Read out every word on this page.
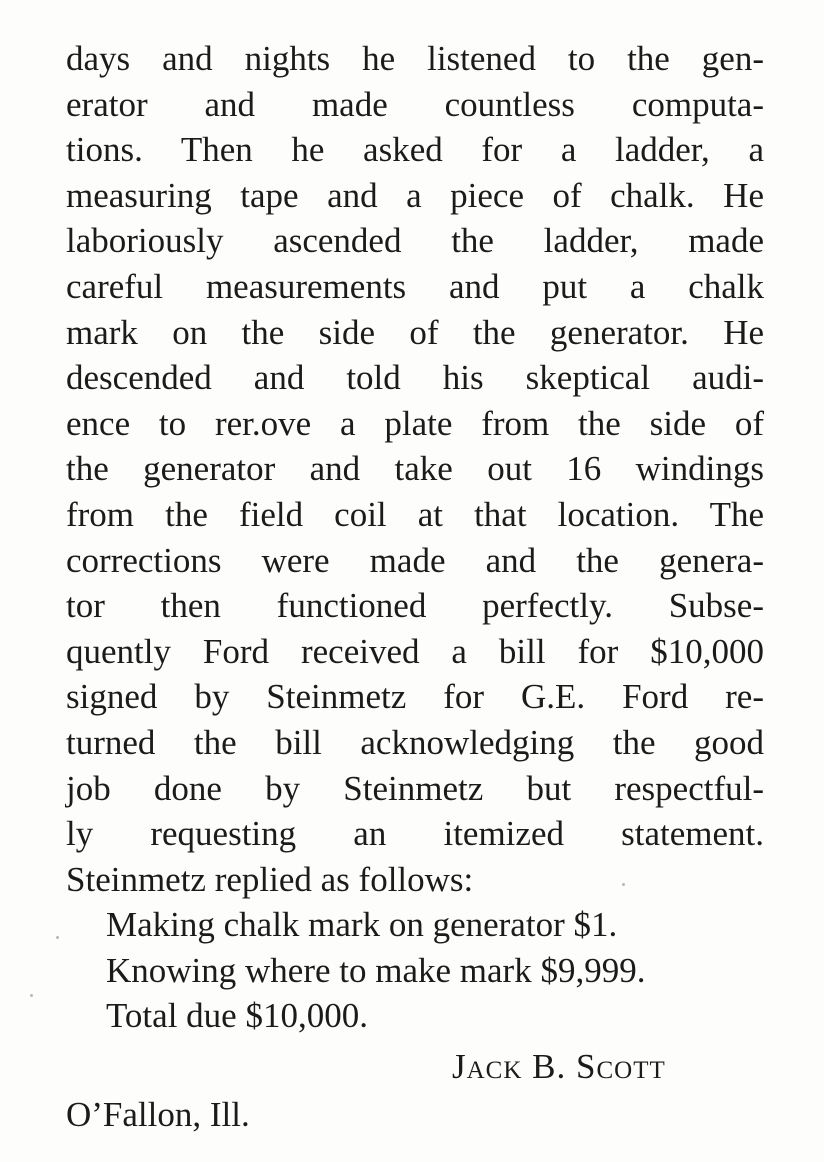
days and nights he listened to the gen-
erator and made countless computa-
tions. Then he asked for a ladder, a
measuring tape and a piece of chalk. He
laboriously ascended the ladder, made
careful measurements and put a chalk
mark on the side of the generator. He
descended and told his skeptical audi-
ence to rer.ove a plate from the side of
the generator and take out 16 windings
from the field coil at that location. The
corrections were made and the genera-
tor then functioned perfectly. Subse-
quently Ford received a bill for $10,000
signed by Steinmetz for G.E. Ford re-
turned the bill acknowledging the good
job done by Steinmetz but respectful-
ly requesting an itemized statement.
Steinmetz replied as follows:
Making chalk mark on generator $1.
Knowing where to make mark $9,999.
Total due $10,000.
Jack B. Scott
O’Fallon, Ill.
